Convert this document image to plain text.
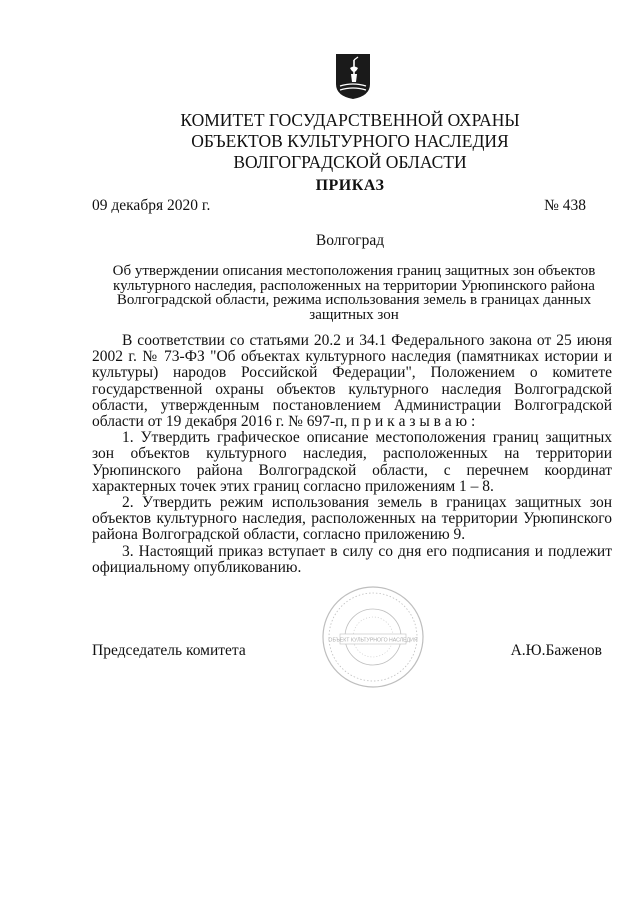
КОМИТЕТ ГОСУДАРСТВЕННОЙ ОХРАНЫ
ОБЪЕКТОВ КУЛЬТУРНОГО НАСЛЕДИЯ
ВОЛГОГРАДСКОЙ ОБЛАСТИ
ПРИКАЗ
09 декабря 2020 г.	№ 438
Волгоград
Об утверждении описания местоположения границ защитных зон объектов культурного наследия, расположенных на территории Урюпинского района Волгоградской области, режима использования земель в границах данных защитных зон

В соответствии со статьями 20.2 и 34.1 Федерального закона от 25 июня 2002 г. № 73-ФЗ "Об объектах культурного наследия (памятниках истории и культуры) народов Российской Федерации", Положением о комитете государственной охраны объектов культурного наследия Волгоградской области, утвержденным постановлением Администрации Волгоградской области от 19 декабря 2016 г. № 697-п, п р и к а з ы в а ю :

1. Утвердить графическое описание местоположения границ защитных зон объектов культурного наследия, расположенных на территории Урюпинского района Волгоградской области, с перечнем координат характерных точек этих границ согласно приложениям 1 – 8.

2. Утвердить режим использования земель в границах защитных зон объектов культурного наследия, расположенных на территории Урюпинского района Волгоградской области, согласно приложению 9.

3. Настоящий приказ вступает в силу со дня его подписания и подлежит официальному опубликованию.

Председатель комитета	А.Ю.Баженов
ОБЪЕКТ КУЛЬТУРНОГО НАСЛЕДИЯ
